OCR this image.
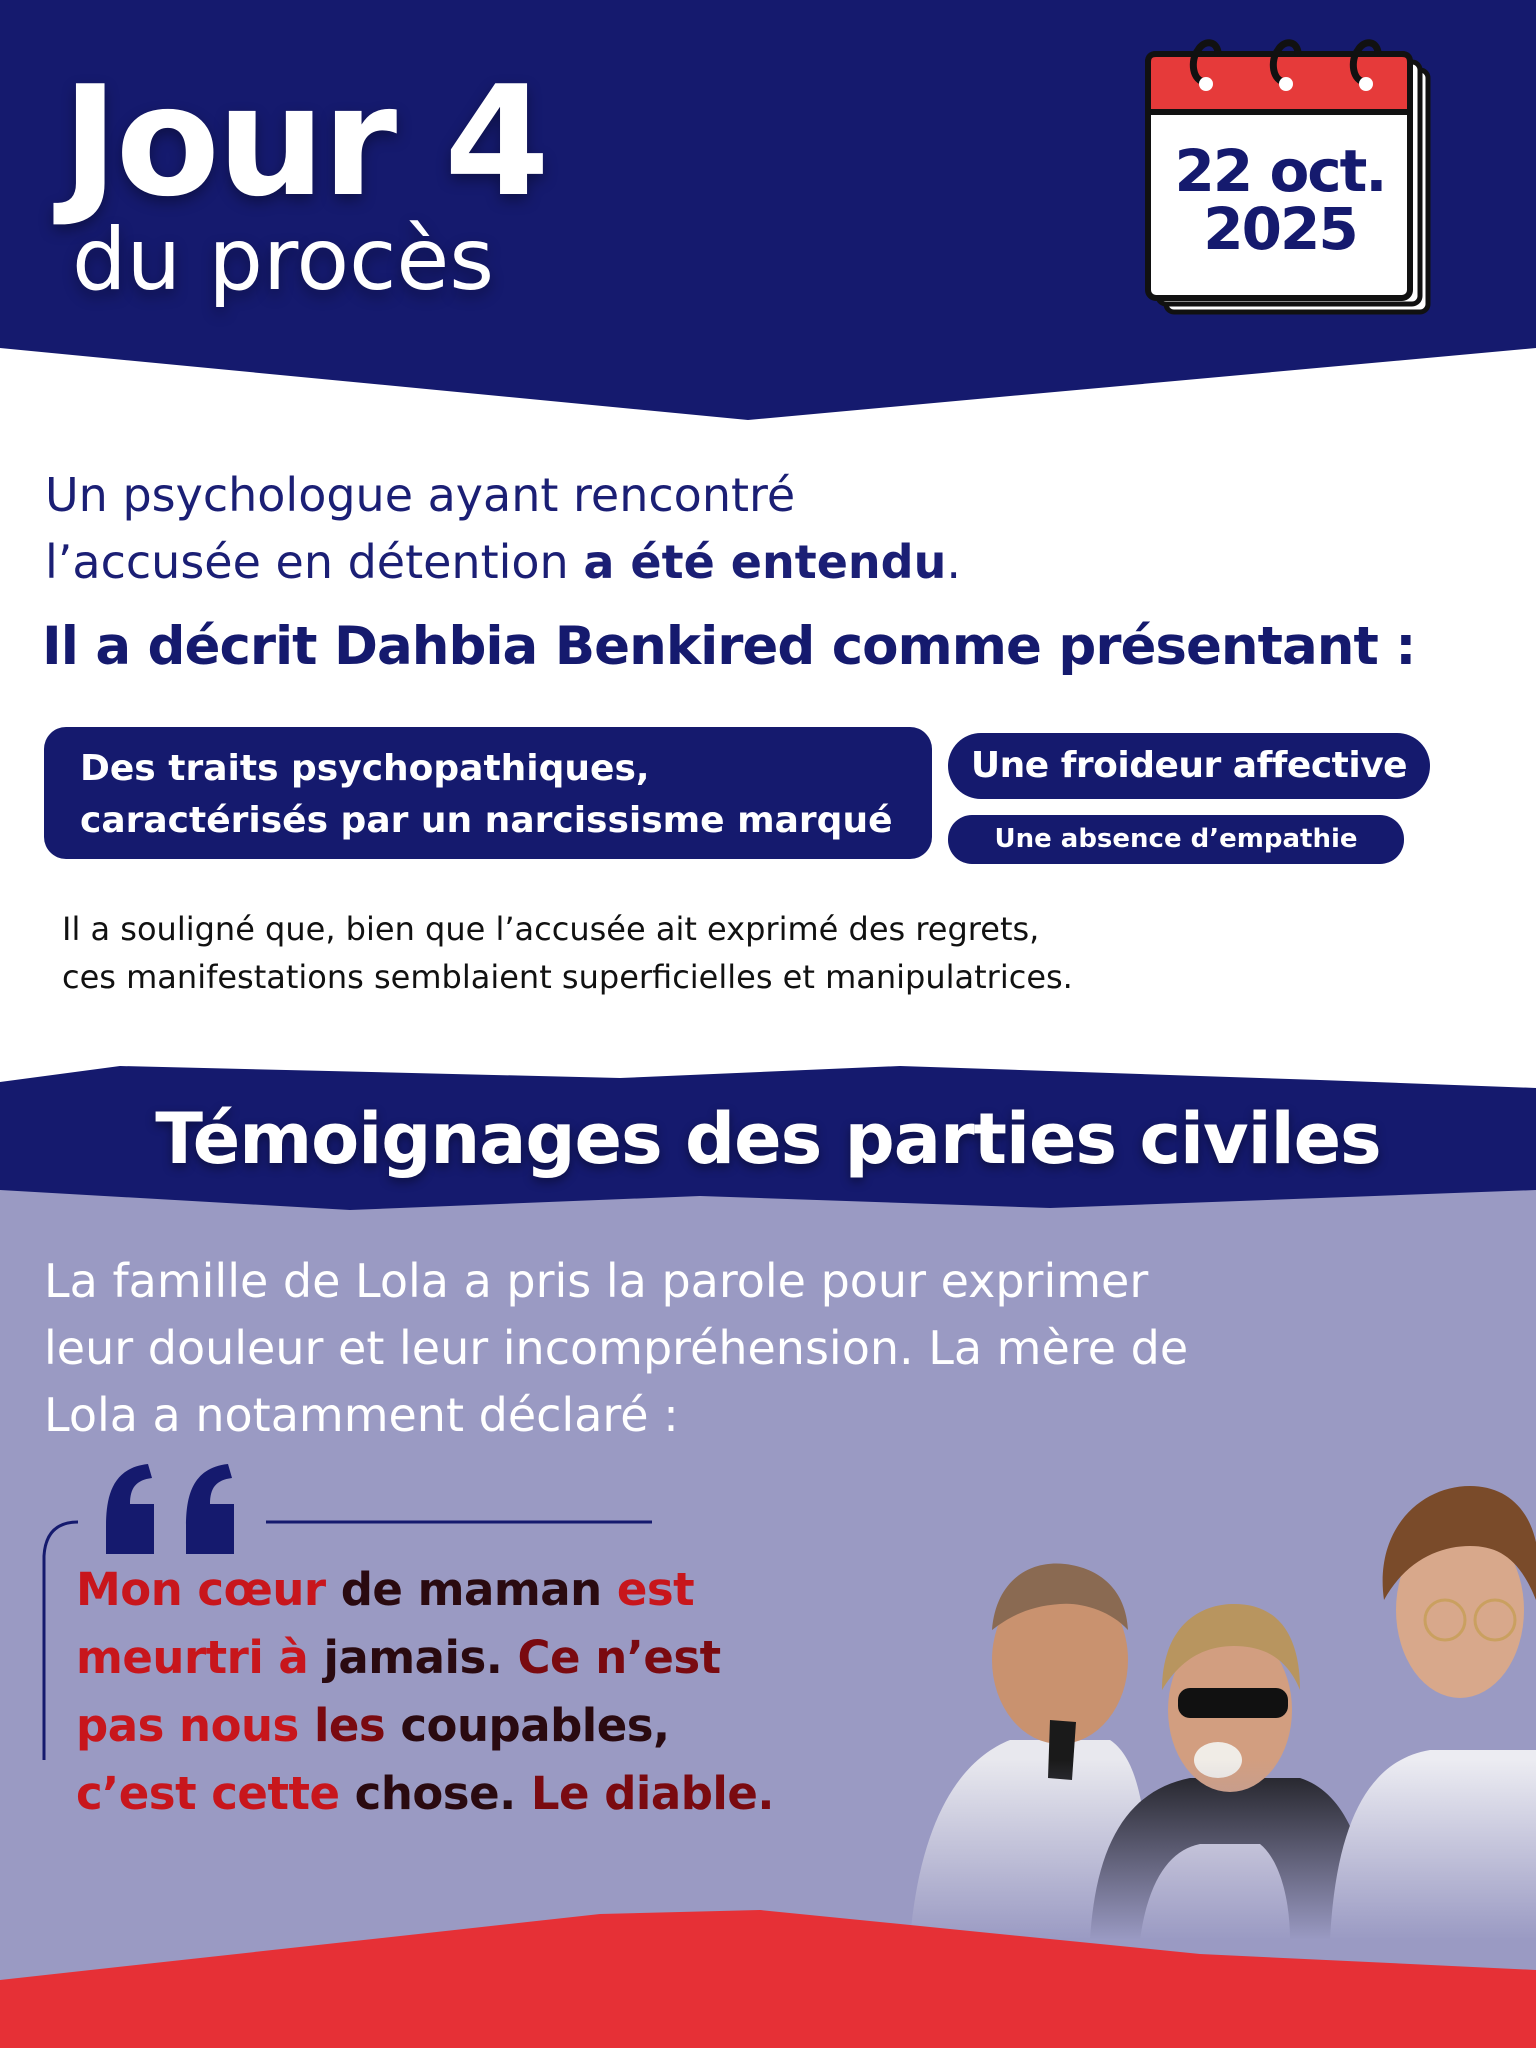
Jour 4
du procès
22 oct.
2025
Un psychologue ayant rencontré
l’accusée en détention a été entendu.
Il a décrit Dahbia Benkired comme présentant :
Des traits psychopathiques,
caractérisés par un narcissisme marqué
Une froideur affective
Une absence d’empathie
Il a souligné que, bien que l’accusée ait exprimé des regrets,
ces manifestations semblaient superficielles et manipulatrices.
Témoignages des parties civiles
La famille de Lola a pris la parole pour exprimer
leur douleur et leur incompréhension. La mère de
Lola a notamment déclaré :
Mon cœur de maman est
meurtri à jamais. Ce n’est
pas nous les coupables,
c’est cette chose. Le diable.
